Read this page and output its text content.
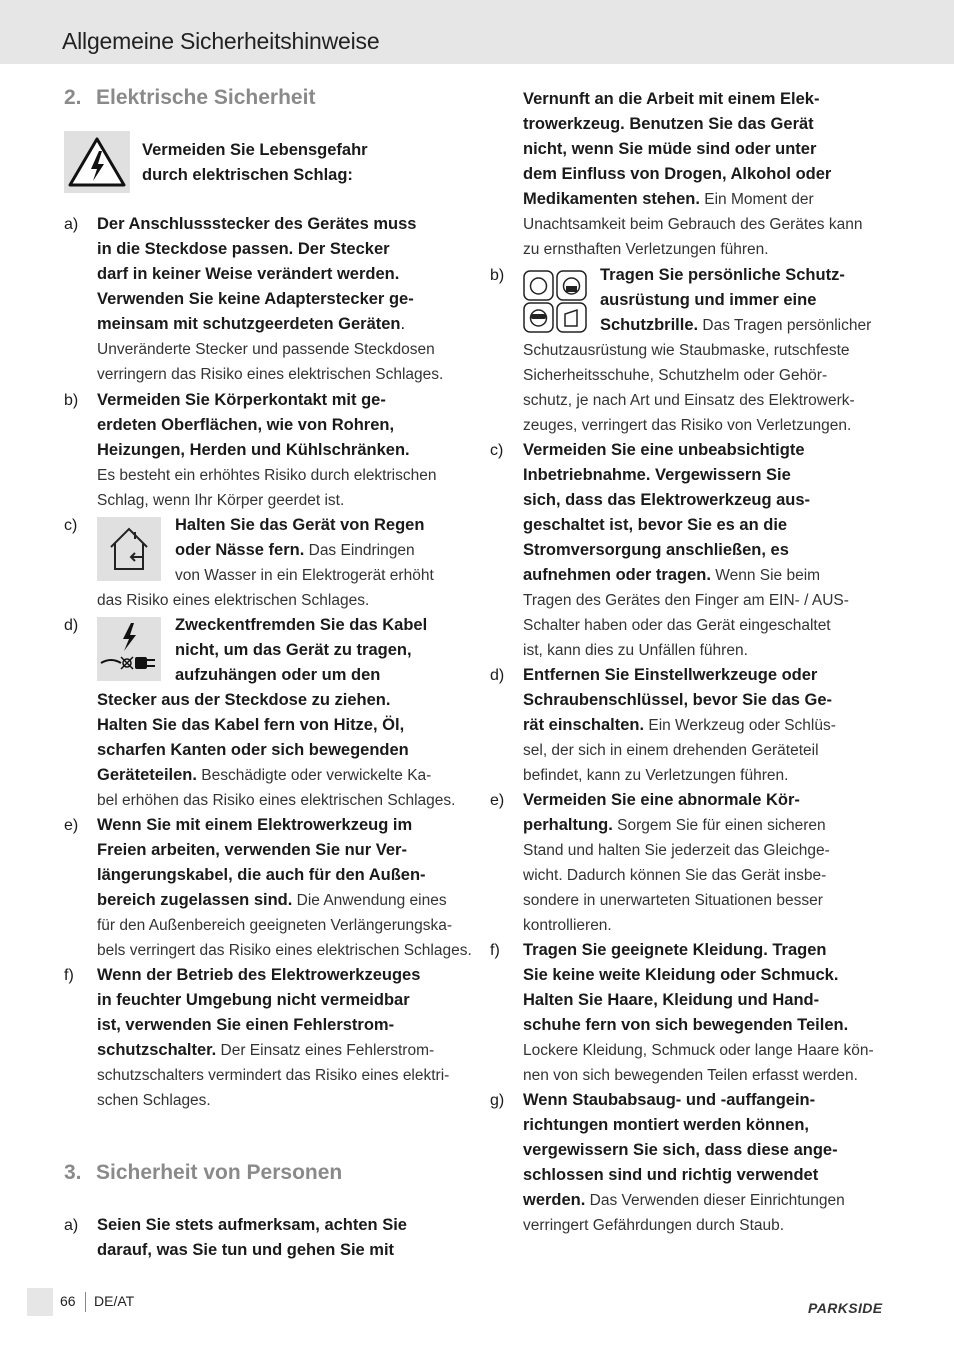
Allgemeine Sicherheitshinweise
2. Elektrische Sicherheit
Vermeiden Sie Lebensgefahr
durch elektrischen Schlag:
a) Der Anschlussstecker des Gerätes muss
in die Steckdose passen. Der Stecker
darf in keiner Weise verändert werden.
Verwenden Sie keine Adapterstecker ge-
meinsam mit schutzgeerdeten Geräten.
Unveränderte Stecker und passende Steckdosen
verringern das Risiko eines elektrischen Schlages.
b) Vermeiden Sie Körperkontakt mit ge-
erdeten Oberflächen, wie von Rohren,
Heizungen, Herden und Kühlschränken.
Es besteht ein erhöhtes Risiko durch elektrischen
Schlag, wenn Ihr Körper geerdet ist.
c)	Halten Sie das Gerät von Regen
oder Nässe fern. Das Eindringen
von Wasser in ein Elektrogerät erhöht
das Risiko eines elektrischen Schlages.
d)	Zweckentfremden Sie das Kabel
nicht, um das Gerät zu tragen,
aufzuhängen oder um den
Stecker aus der Steckdose zu ziehen.
Halten Sie das Kabel fern von Hitze, Öl,
scharfen Kanten oder sich bewegenden
Geräteteilen. Beschädigte oder verwickelte Ka-
bel erhöhen das Risiko eines elektrischen Schlages.
e) Wenn Sie mit einem Elektrowerkzeug im
Freien arbeiten, verwenden Sie nur Ver-
längerungskabel, die auch für den Außen-
bereich zugelassen sind. Die Anwendung eines
für den Außenbereich geeigneten Verlängerungska-
bels verringert das Risiko eines elektrischen Schlages.
f) Wenn der Betrieb des Elektrowerkzeuges
in feuchter Umgebung nicht vermeidbar
ist, verwenden Sie einen Fehlerstrom-
schutzschalter. Der Einsatz eines Fehlerstrom-
schutzschalters vermindert das Risiko eines elektri-
schen Schlages.
a) Seien Sie stets aufmerksam, achten Sie
darauf, was Sie tun und gehen Sie mit
3. Sicherheit von Personen
Vernunft an die Arbeit mit einem Elek-
trowerkzeug. Benutzen Sie das Gerät
nicht, wenn Sie müde sind oder unter
dem Einfluss von Drogen, Alkohol oder
Medikamenten stehen. Ein Moment der
Unachtsamkeit beim Gebrauch des Gerätes kann
zu ernsthaften Verletzungen führen.
b)	Tragen Sie persönliche Schutz-
ausrüstung und immer eine
Schutzbrille. Das Tragen persönlicher
Schutzausrüstung wie Staubmaske, rutschfeste
Sicherheitsschuhe, Schutzhelm oder Gehör-
schutz, je nach Art und Einsatz des Elektrowerk-
zeuges, verringert das Risiko von Verletzungen.
c) Vermeiden Sie eine unbeabsichtigte
Inbetriebnahme. Vergewissern Sie
sich, dass das Elektrowerkzeug aus-
geschaltet ist, bevor Sie es an die
Stromversorgung anschließen, es
aufnehmen oder tragen. Wenn Sie beim
Tragen des Gerätes den Finger am EIN- / AUS-
Schalter haben oder das Gerät eingeschaltet
ist, kann dies zu Unfällen führen.
d) Entfernen Sie Einstellwerkzeuge oder
Schraubenschlüssel, bevor Sie das Ge-
rät einschalten. Ein Werkzeug oder Schlüs-
sel, der sich in einem drehenden Geräteteil
befindet, kann zu Verletzungen führen.
e) Vermeiden Sie eine abnormale Kör-
perhaltung. Sorgem Sie für einen sicheren
Stand und halten Sie jederzeit das Gleichge-
wicht. Dadurch können Sie das Gerät insbe-
sondere in unerwarteten Situationen besser
kontrollieren.
f) Tragen Sie geeignete Kleidung. Tragen
Sie keine weite Kleidung oder Schmuck.
Halten Sie Haare, Kleidung und Hand-
schuhe fern von sich bewegenden Teilen.
Lockere Kleidung, Schmuck oder lange Haare kön-
nen von sich bewegenden Teilen erfasst werden.
g) Wenn Staubabsaug- und -auffangein-
richtungen montiert werden können,
vergewissern Sie sich, dass diese ange-
schlossen sind und richtig verwendet
werden. Das Verwenden dieser Einrichtungen
verringert Gefährdungen durch Staub.
66 DE/AT	PARKSIDE
